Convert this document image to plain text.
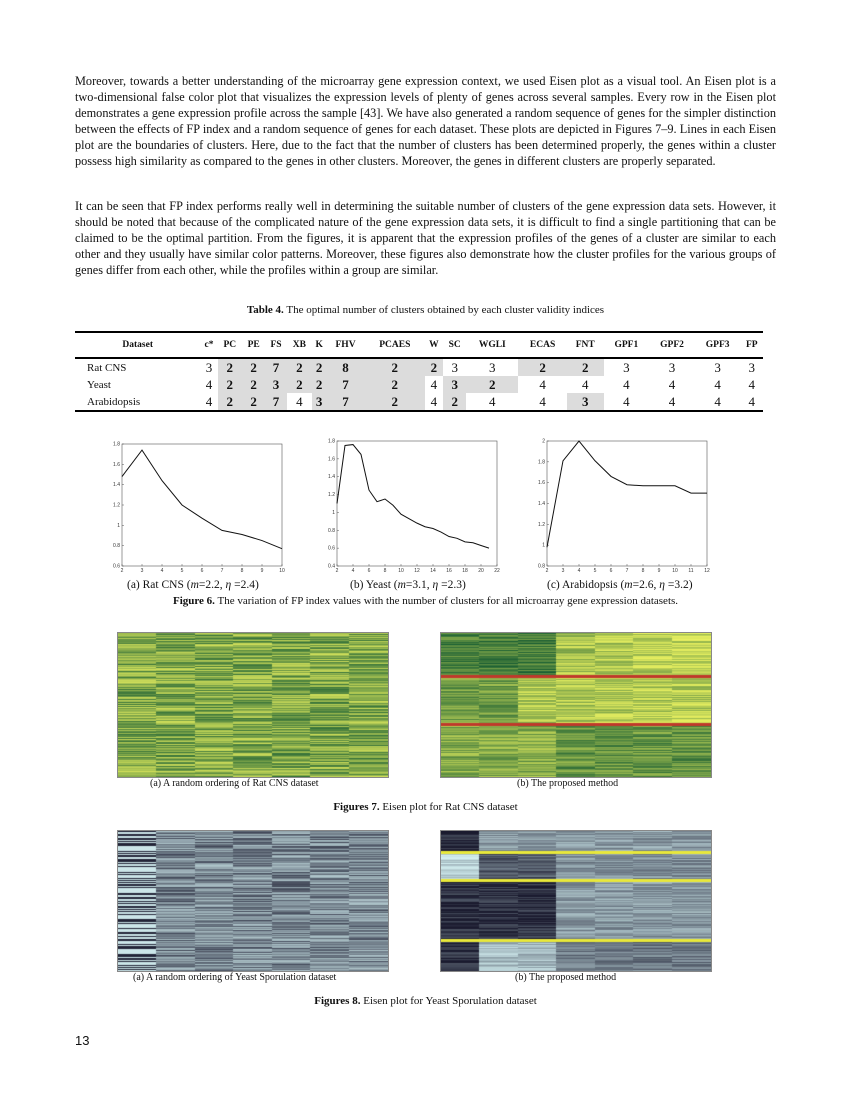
Moreover, towards a better understanding of the microarray gene expression context, we used Eisen plot as a visual tool. An Eisen plot is a two-dimensional false color plot that visualizes the expression levels of plenty of genes across several samples. Every row in the Eisen plot demonstrates a gene expression profile across the sample [43]. We have also generated a random sequence of genes for the simpler distinction between the effects of FP index and a random sequence of genes for each dataset. These plots are depicted in Figures 7–9. Lines in each Eisen plot are the boundaries of clusters. Here, due to the fact that the number of clusters has been determined properly, the genes within a cluster possess high similarity as compared to the genes in other clusters. Moreover, the genes in different clusters are properly separated.

It can be seen that FP index performs really well in determining the suitable number of clusters of the gene expression data sets. However, it should be noted that because of the complicated nature of the gene expression data sets, it is difficult to find a single partitioning that can be claimed to be the optimal partition. From the figures, it is apparent that the expression profiles of the genes of a cluster are similar to each other and they usually have similar color patterns. Moreover, these figures also demonstrate how the cluster profiles for the various groups of genes differ from each other, while the profiles within a group are similar.

Table 4. The optimal number of clusters obtained by each cluster validity indices
Dataset	c*	PC	PE	FS	XB	K	FHV	PCAES	W	SC	WGLI	ECAS	FNT	GPF1	GPF2	GPF3	FP
Rat CNS	3	2	2	7	2	2	8	2	2	3	3	2	2	3	3	3	3
Yeast	4	2	2	3	2	2	7	2	4	3	2	4	4	4	4	4	4
Arabidopsis	4	2	2	7	4	3	7	2	4	2	4	4	3	4	4	4	4
0.6
0.8
1
1.2
1.4
1.6
1.8
2	3	4	5	6	7	8	9	10
0.4
0.6
0.8
1
1.2
1.4
1.6
1.8
2	4	6	8 10 12 14 16 18 20 22
0.8
1
1.2
1.4
1.6
1.8
2
2	3	4	5	6	7	8	9 10 11 12
(a) Rat CNS (m=2.2, η =2.4)	(b) Yeast (m=3.1, η =2.3)	(c) Arabidopsis (m=2.6, η =3.2)
Figure 6. The variation of FP index values with the number of clusters for all microarray gene expression datasets.
(a) A random ordering of Rat CNS dataset	(b) The proposed method
Figures 7. Eisen plot for Rat CNS dataset
(a) A random ordering of Yeast Sporulation dataset	(b) The proposed method
Figures 8. Eisen plot for Yeast Sporulation dataset
13
